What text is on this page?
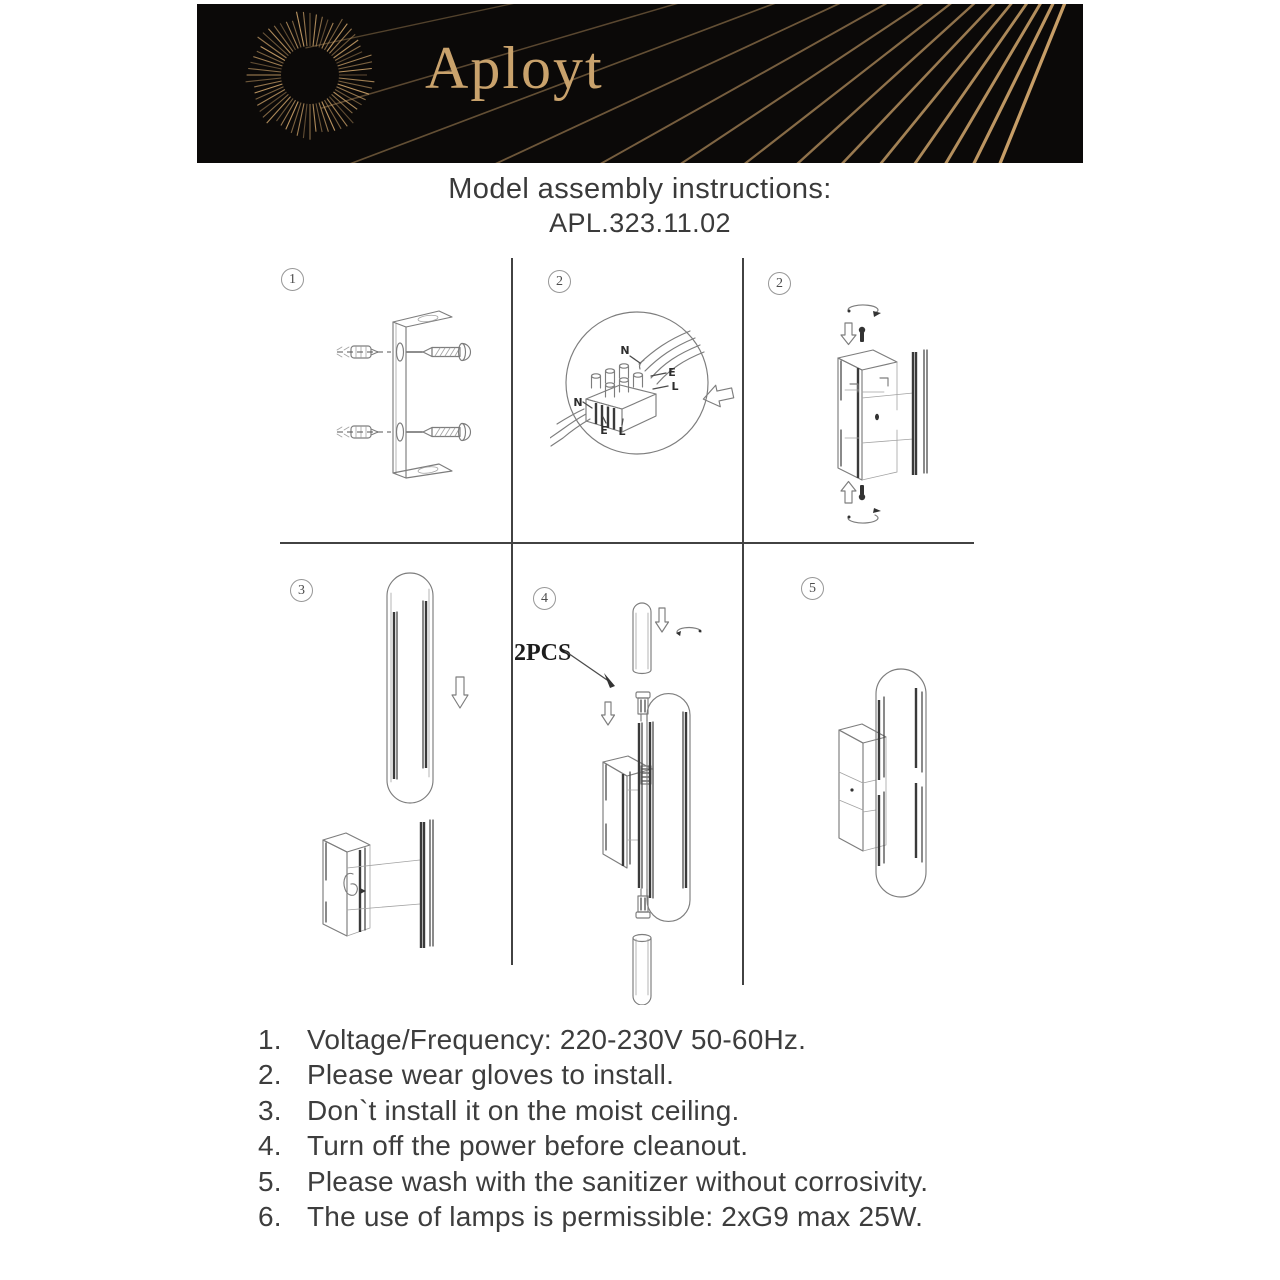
Aployt
Model assembly instructions:
APL.323.11.02
1	2	2
3
4
5
N
E
L
N
E L
2PCS
1. Voltage/Frequency: 220-230V 50-60Hz.
2. Please wear gloves to install.
3. Don`t install it on the moist ceiling.
4. Turn off the power before cleanout.
5. Please wash with the sanitizer without corrosivity.
6. The use of lamps is permissible: 2xG9 max 25W.
